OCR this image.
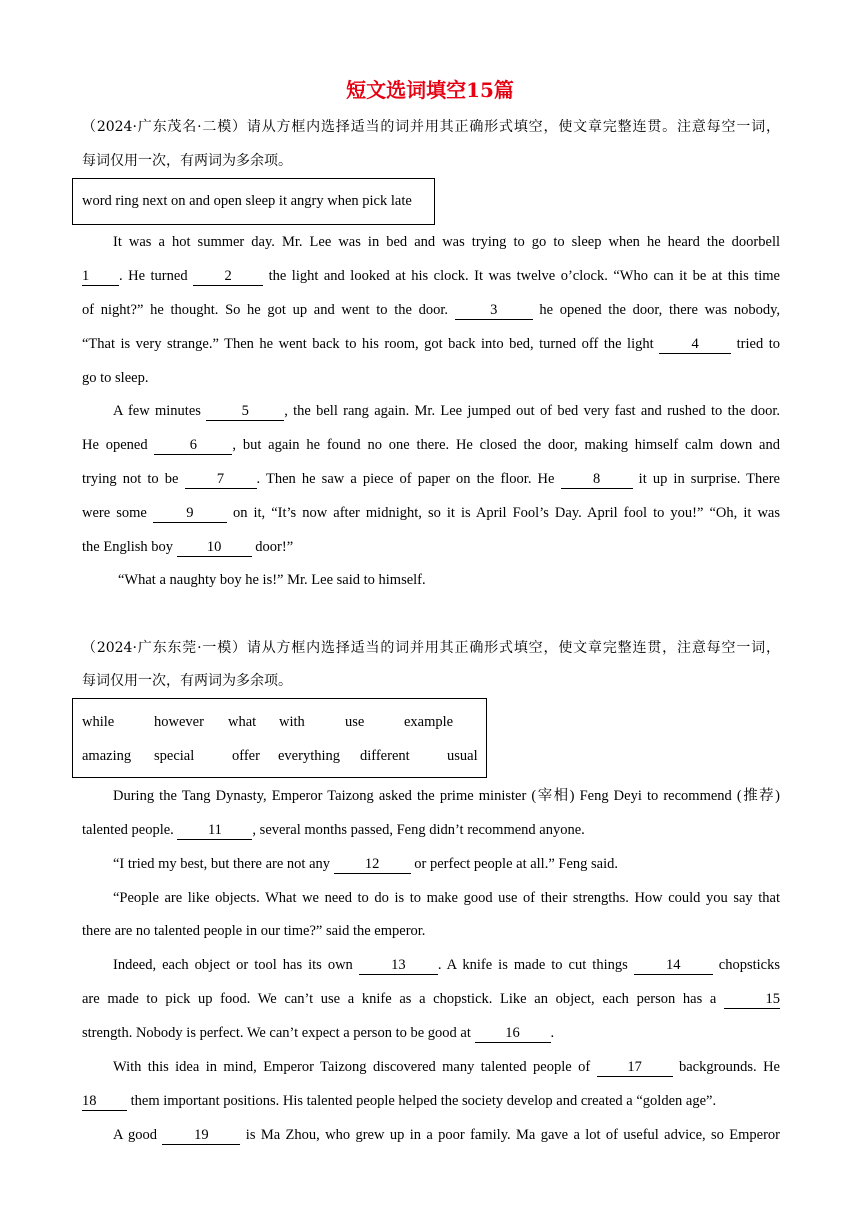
短文选词填空15篇
（2024·广东茂名·二模）请从方框内选择适当的词并用其正确形式填空，使文章完整连贯。注意每空一词，
每词仅用一次，有两词为多余项。
word ring next on and open sleep it angry when pick late
It was a hot summer day. Mr. Lee was in bed and was trying to go to sleep when he heard the doorbell
1 . He turned 2 the light and looked at his clock. It was twelve o’clock. “Who can it be at this time
of night?” he thought. So he got up and went to the door. 3 he opened the door, there was nobody,
“That is very strange.” Then he went back to his room, got back into bed, turned off the light 4 tried to
go to sleep.
A few minutes 5 , the bell rang again. Mr. Lee jumped out of bed very fast and rushed to the door.
He opened 6 , but again he found no one there. He closed the door, making himself calm down and
trying not to be 7 . Then he saw a piece of paper on the floor. He 8 it up in surprise. There
were some 9 on it, “It’s now after midnight, so it is April Fool’s Day. April fool to you!” “Oh, it was
the English boy 10 door!”
“What a naughty boy he is!” Mr. Lee said to himself.
（2024·广东东莞·一模）请从方框内选择适当的词并用其正确形式填空，使文章完整连贯，注意每空一词，
每词仅用一次，有两词为多余项。
while	however what with	use	example
amazing special	offer everything different	usual
During the Tang Dynasty, Emperor Taizong asked the prime minister (宰相) Feng Deyi to recommend (推荐)
talented people. 11 , several months passed, Feng didn’t recommend anyone.
“I tried my best, but there are not any 12 or perfect people at all.” Feng said.
“People are like objects. What we need to do is to make good use of their strengths. How could you say that
there are no talented people in our time?” said the emperor.
Indeed, each object or tool has its own 13 . A knife is made to cut things 14 chopsticks
are made to pick up food. We can’t use a knife as a chopstick. Like an object, each person has a	15
strength. Nobody is perfect. We can’t expect a person to be good at 16 .
With this idea in mind, Emperor Taizong discovered many talented people of 17 backgrounds. He
18 them important positions. His talented people helped the society develop and created a “golden age”.
A good 19 is Ma Zhou, who grew up in a poor family. Ma gave a lot of useful advice, so Emperor
